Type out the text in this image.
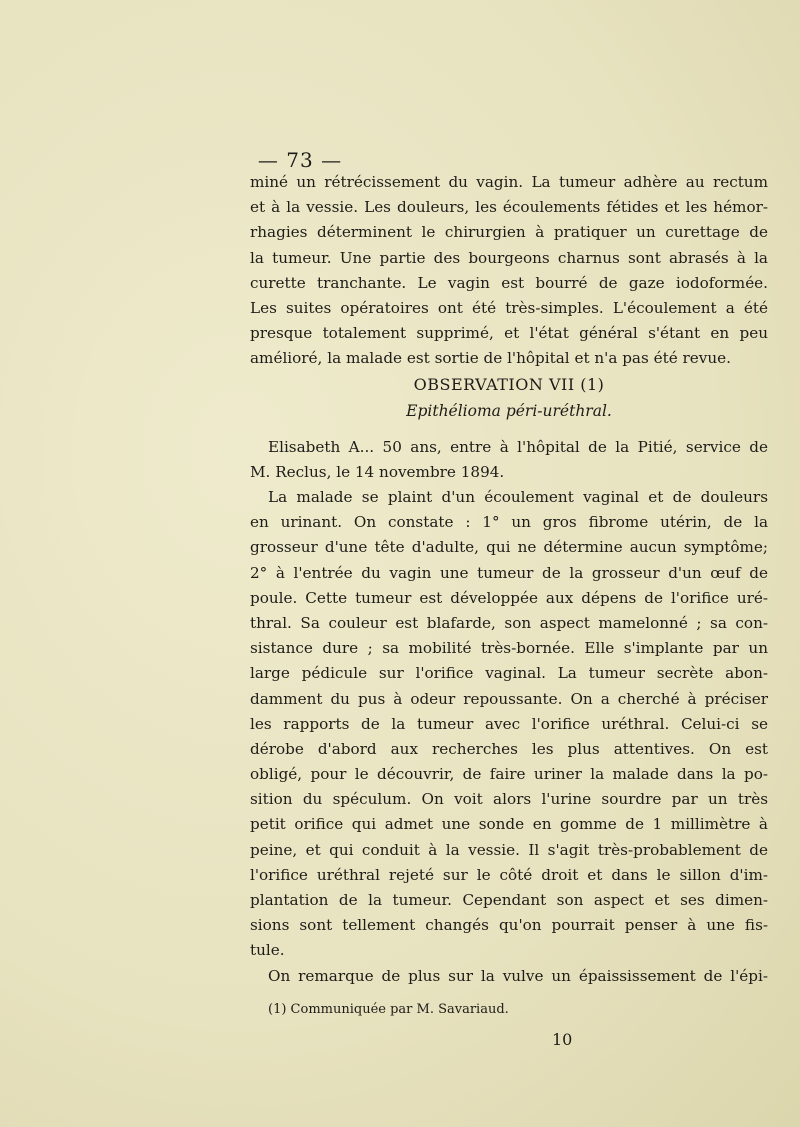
— 73 —
miné un rétrécissement du vagin. La tumeur adhère au rectum
et à la vessie. Les douleurs, les écoulements fétides et les hémor-
rhagies déterminent le chirurgien à pratiquer un curettage de
la tumeur. Une partie des bourgeons charnus sont abrasés à la
curette tranchante. Le vagin est bourré de gaze iodoformée.
Les suites opératoires ont été très-simples. L'écoulement a été
presque totalement supprimé, et l'état général s'étant en peu
amélioré, la malade est sortie de l'hôpital et n'a pas été revue.
OBSERVATION VII (1)
Epithélioma péri-uréthral.
Elisabeth A... 50 ans, entre à l'hôpital de la Pitié, service de
M. Reclus, le 14 novembre 1894.
La malade se plaint d'un écoulement vaginal et de douleurs
en urinant. On constate : 1° un gros fibrome utérin, de la
grosseur d'une tête d'adulte, qui ne détermine aucun symptôme;
2° à l'entrée du vagin une tumeur de la grosseur d'un œuf de
poule. Cette tumeur est développée aux dépens de l'orifice uré-
thral. Sa couleur est blafarde, son aspect mamelonné ; sa con-
sistance dure ; sa mobilité très-bornée. Elle s'implante par un
large pédicule sur l'orifice vaginal. La tumeur secrète abon-
damment du pus à odeur repoussante. On a cherché à préciser
les rapports de la tumeur avec l'orifice uréthral. Celui-ci se
dérobe d'abord aux recherches les plus attentives. On est
obligé, pour le découvrir, de faire uriner la malade dans la po-
sition du spéculum. On voit alors l'urine sourdre par un très
petit orifice qui admet une sonde en gomme de 1 millimètre à
peine, et qui conduit à la vessie. Il s'agit très-probablement de
l'orifice uréthral rejeté sur le côté droit et dans le sillon d'im-
plantation de la tumeur. Cependant son aspect et ses dimen-
sions sont tellement changés qu'on pourrait penser à une fis-
tule.
On remarque de plus sur la vulve un épaississement de l'épi-
(1) Communiquée par M. Savariaud.
10
